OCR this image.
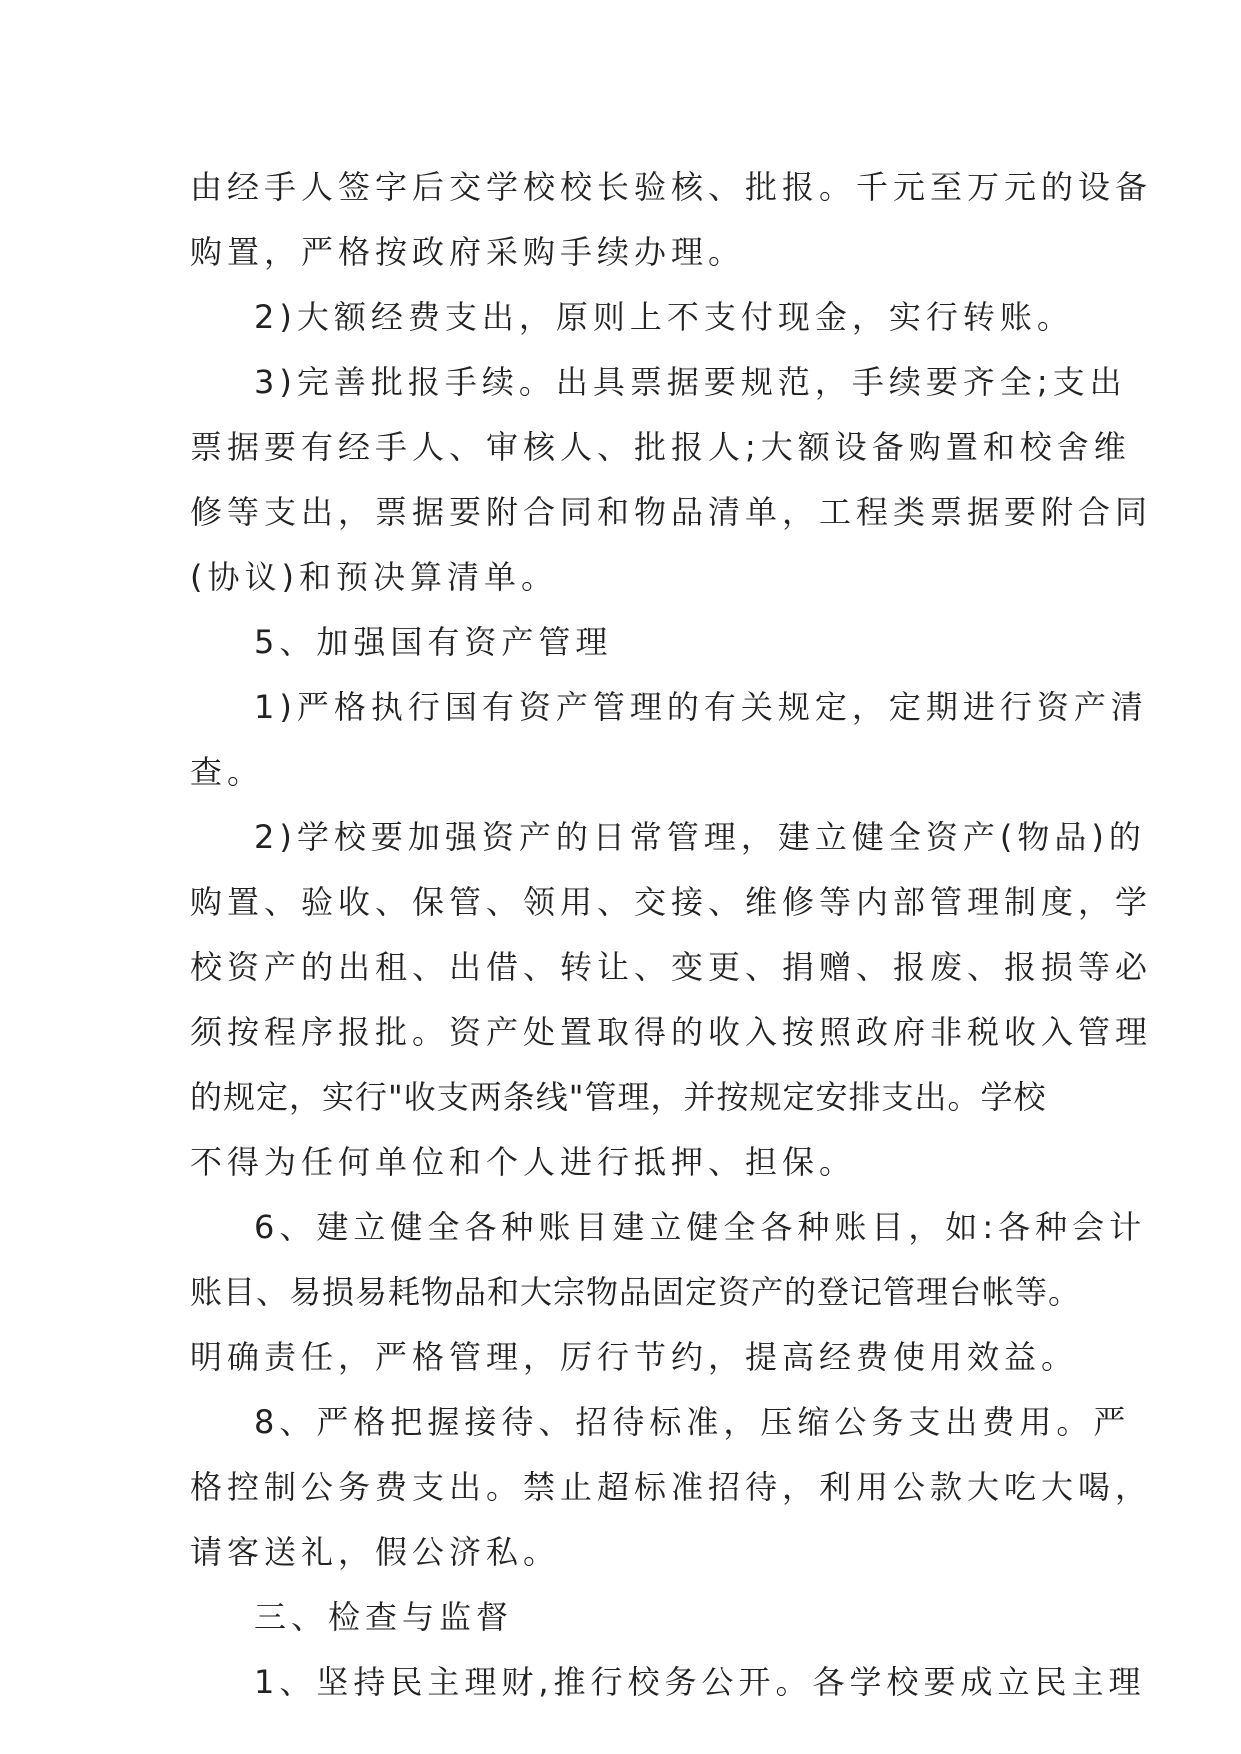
由经手人签字后交学校校长验核、批报。千元至万元的设备
购置，严格按政府采购手续办理。
2)大额经费支出，原则上不支付现金，实行转账。
3)完善批报手续。出具票据要规范，手续要齐全;支出
票据要有经手人、审核人、批报人;大额设备购置和校舍维
修等支出，票据要附合同和物品清单，工程类票据要附合同
(协议)和预决算清单。
5、加强国有资产管理
1)严格执行国有资产管理的有关规定，定期进行资产清
查。
2)学校要加强资产的日常管理，建立健全资产(物品)的
购置、验收、保管、领用、交接、维修等内部管理制度，学
校资产的出租、出借、转让、变更、捐赠、报废、报损等必
须按程序报批。资产处置取得的收入按照政府非税收入管理
的规定，实行"收支两条线"管理，并按规定安排支出。学校
不得为任何单位和个人进行抵押、担保。
6、建立健全各种账目建立健全各种账目，如:各种会计
账目、易损易耗物品和大宗物品固定资产的登记管理台帐等。
明确责任，严格管理，厉行节约，提高经费使用效益。
8、严格把握接待、招待标准，压缩公务支出费用。严
格控制公务费支出。禁止超标准招待，利用公款大吃大喝，
请客送礼，假公济私。
三、检查与监督
1、坚持民主理财,推行校务公开。各学校要成立民主理
